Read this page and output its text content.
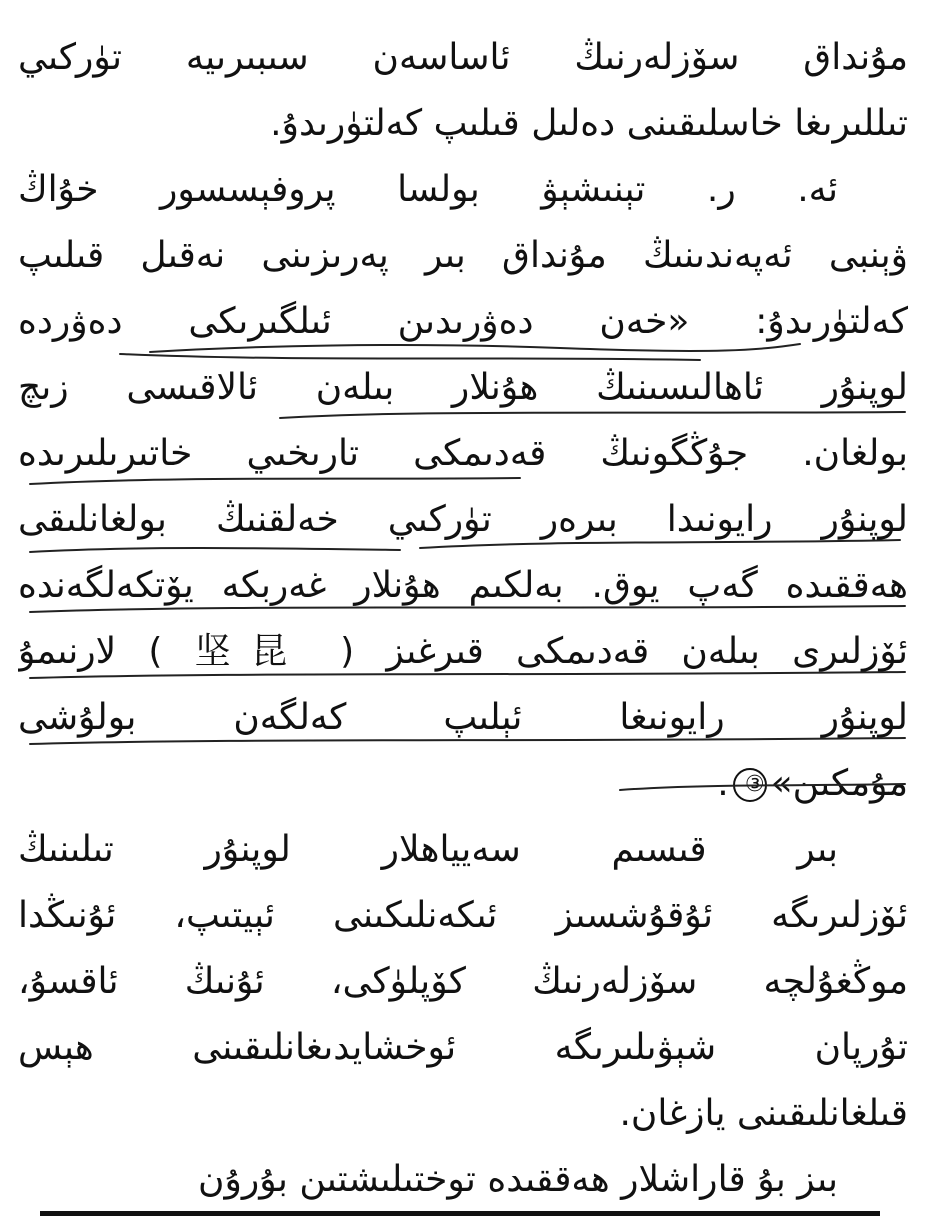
مۇنداق سۆزلەرنىڭ ئاساسەن سىبىرىيە تۈركىي
تىللىرىغا خاسلىقىنى دەلىل قىلىپ كەلتۈرىدۇ.
ئە. ر. تېنىشېۋ بولسا پروفېسسور خۇاڭ
ۋېنبى ئەپەندىنىڭ مۇنداق بىر پەرىزىنى نەقىل قىلىپ
كەلتۈرىدۇ: «خەن دەۋرىدىن ئىلگىرىكى دەۋردە
لوپنۇر ئاھالىسىنىڭ ھۇنلار بىلەن ئالاقىسى زىچ
بولغان. جۇڭگونىڭ قەدىمكى تارىخىي خاتىرىلىرىدە
لوپنۇر رايونىدا بىرەر تۈركىي خەلقنىڭ بولغانلىقى
ھەققىدە گەپ يوق. بەلكىم ھۇنلار غەربكە يۆتكەلگەندە
ئۆزلىرى بىلەن قەدىمكى قىرغىز ( 坚昆 ) لارنىمۇ
لوپنۇر رايونىغا ئېلىپ كەلگەن بولۇشى
مۇمكىن»③.
بىر قىسىم سەيياھلار لوپنۇر تىلىنىڭ
ئۆزلىرىگە ئۇقۇشسىز ئىكەنلىكىنى ئېيتىپ، ئۇنىڭدا
موڭغۇلچە سۆزلەرنىڭ كۆپلۈكى، ئۇنىڭ ئاقسۇ،
تۇرپان شېۋىلىرىگە ئوخشايدىغانلىقىنى ھېس
قىلغانلىقىنى يازغان.
بىز بۇ قاراشلار ھەققىدە توختىلىشتىن بۇرۇن
